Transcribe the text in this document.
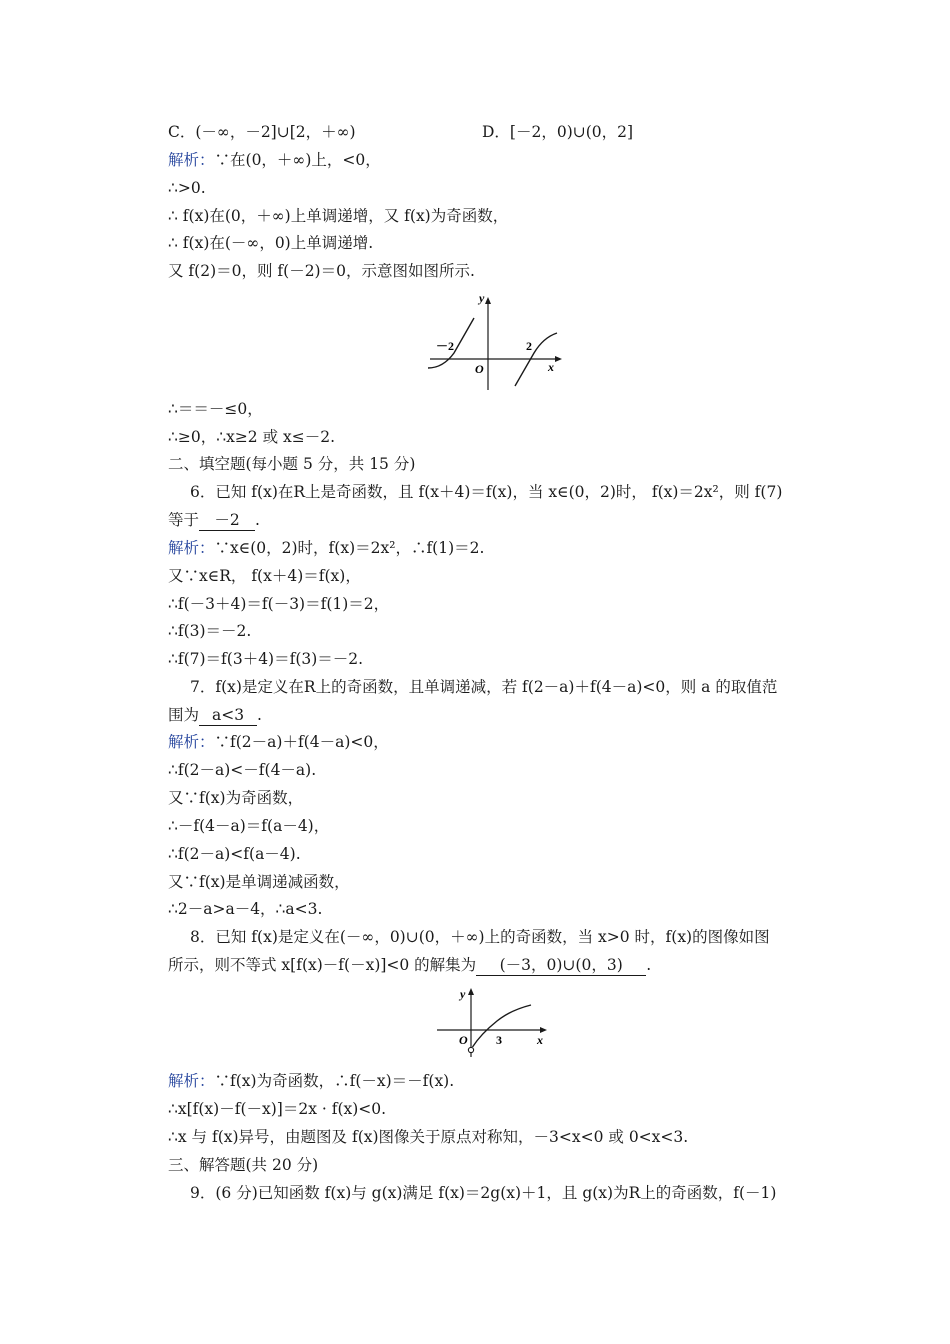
C．(－∞，－2]∪[2，＋∞)	D．[－2，0)∪(0，2]
解析：∵在(0，＋∞)上，<0，
∴>0.
∴ f(x)在(0，＋∞)上单调递增，又 f(x)为奇函数，
∴ f(x)在(－∞，0)上单调递增.
又 f(2)＝0，则 f(－2)＝0，示意图如图所示.
y
x
O
－2	2
∴＝＝－≤0，
∴≥0，∴x≥2 或 x≤－2.
二、填空题(每小题 5 分，共 15 分)
6．已知 f(x)在R上是奇函数，且 f(x＋4)＝f(x)，当 x∈(0，2)时， f(x)＝2x²，则 f(7)
等于 －2 .
解析：∵x∈(0，2)时，f(x)＝2x²，∴f(1)＝2.
又∵x∈R， f(x＋4)＝f(x)，
∴f(－3＋4)＝f(－3)＝f(1)＝2，
∴f(3)＝－2.
∴f(7)＝f(3＋4)＝f(3)＝－2.
7．f(x)是定义在R上的奇函数，且单调递减，若 f(2－a)＋f(4－a)<0，则 a 的取值范
围为 a<3 .
解析：∵f(2－a)＋f(4－a)<0，
∴f(2－a)<－f(4－a).
又∵f(x)为奇函数，
∴－f(4－a)＝f(a－4)，
∴f(2－a)<f(a－4).
又∵f(x)是单调递减函数，
∴2－a>a－4，∴a<3.
8．已知 f(x)是定义在(－∞，0)∪(0，＋∞)上的奇函数，当 x>0 时，f(x)的图像如图
所示，则不等式 x[f(x)－f(－x)]<0 的解集为 (－3，0)∪(0，3) .
y
x
O 3
解析：∵f(x)为奇函数，∴f(－x)＝－f(x).
∴x[f(x)－f(－x)]＝2x · f(x)<0.
∴x 与 f(x)异号，由题图及 f(x)图像关于原点对称知，－3<x<0 或 0<x<3.
三、解答题(共 20 分)
9．(6 分)已知函数 f(x)与 g(x)满足 f(x)＝2g(x)＋1，且 g(x)为R上的奇函数，f(－1)
